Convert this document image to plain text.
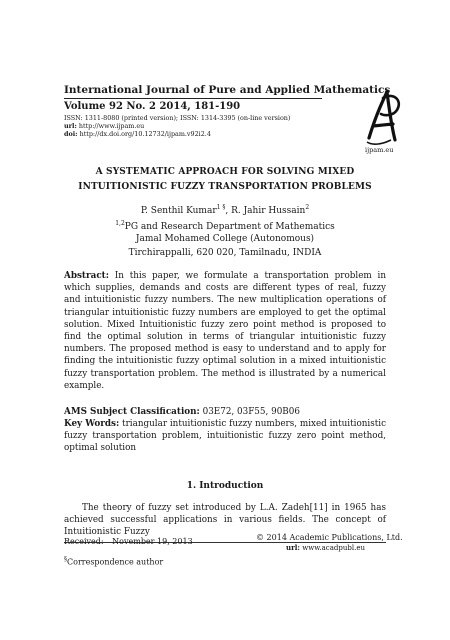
International Journal of Pure and Applied Mathematics
Volume 92 No. 2 2014, 181-190
ISSN: 1311-8080 (printed version); ISSN: 1314-3395 (on-line version)
url: http://www.ijpam.eu
doi: http://dx.doi.org/10.12732/ijpam.v92i2.4
ijpam.eu
A SYSTEMATIC APPROACH FOR SOLVING MIXED
INTUITIONISTIC FUZZY TRANSPORTATION PROBLEMS
P. Senthil Kumar$^{1 \S}$, R. Jahir Hussain$^2$
$^{1,2}$PG and Research Department of Mathematics
Jamal Mohamed College (Autonomous)
Tirchirappalli, 620 020, Tamilnadu, INDIA
Abstract: In this paper, we formulate a transportation problem in which supplies, demands and costs are different types of real, fuzzy and intuitionistic fuzzy numbers. The new multiplication operations of triangular intuitionistic fuzzy numbers are employed to get the optimal solution. Mixed Intuitionistic fuzzy zero point method is proposed to find the optimal solution in terms of triangular intuitionistic fuzzy numbers. The proposed method is easy to understand and to apply for finding the intuitionistic fuzzy optimal solution in a mixed intuitionistic fuzzy transportation problem. The method is illustrated by a numerical example.
AMS Subject Classification: 03E72, 03F55, 90B06
Key Words: triangular intuitionistic fuzzy numbers, mixed intuitionistic fuzzy transportation problem, intuitionistic fuzzy zero point method, optimal solution
1. Introduction
The theory of fuzzy set introduced by L.A. Zadeh[11] in 1965 has achieved successful applications in various fields. The concept of Intuitionistic Fuzzy
Received: November 19, 2013	© 2014 Academic Publications, Ltd.
url: www.acadpubl.eu
§Correspondence author
